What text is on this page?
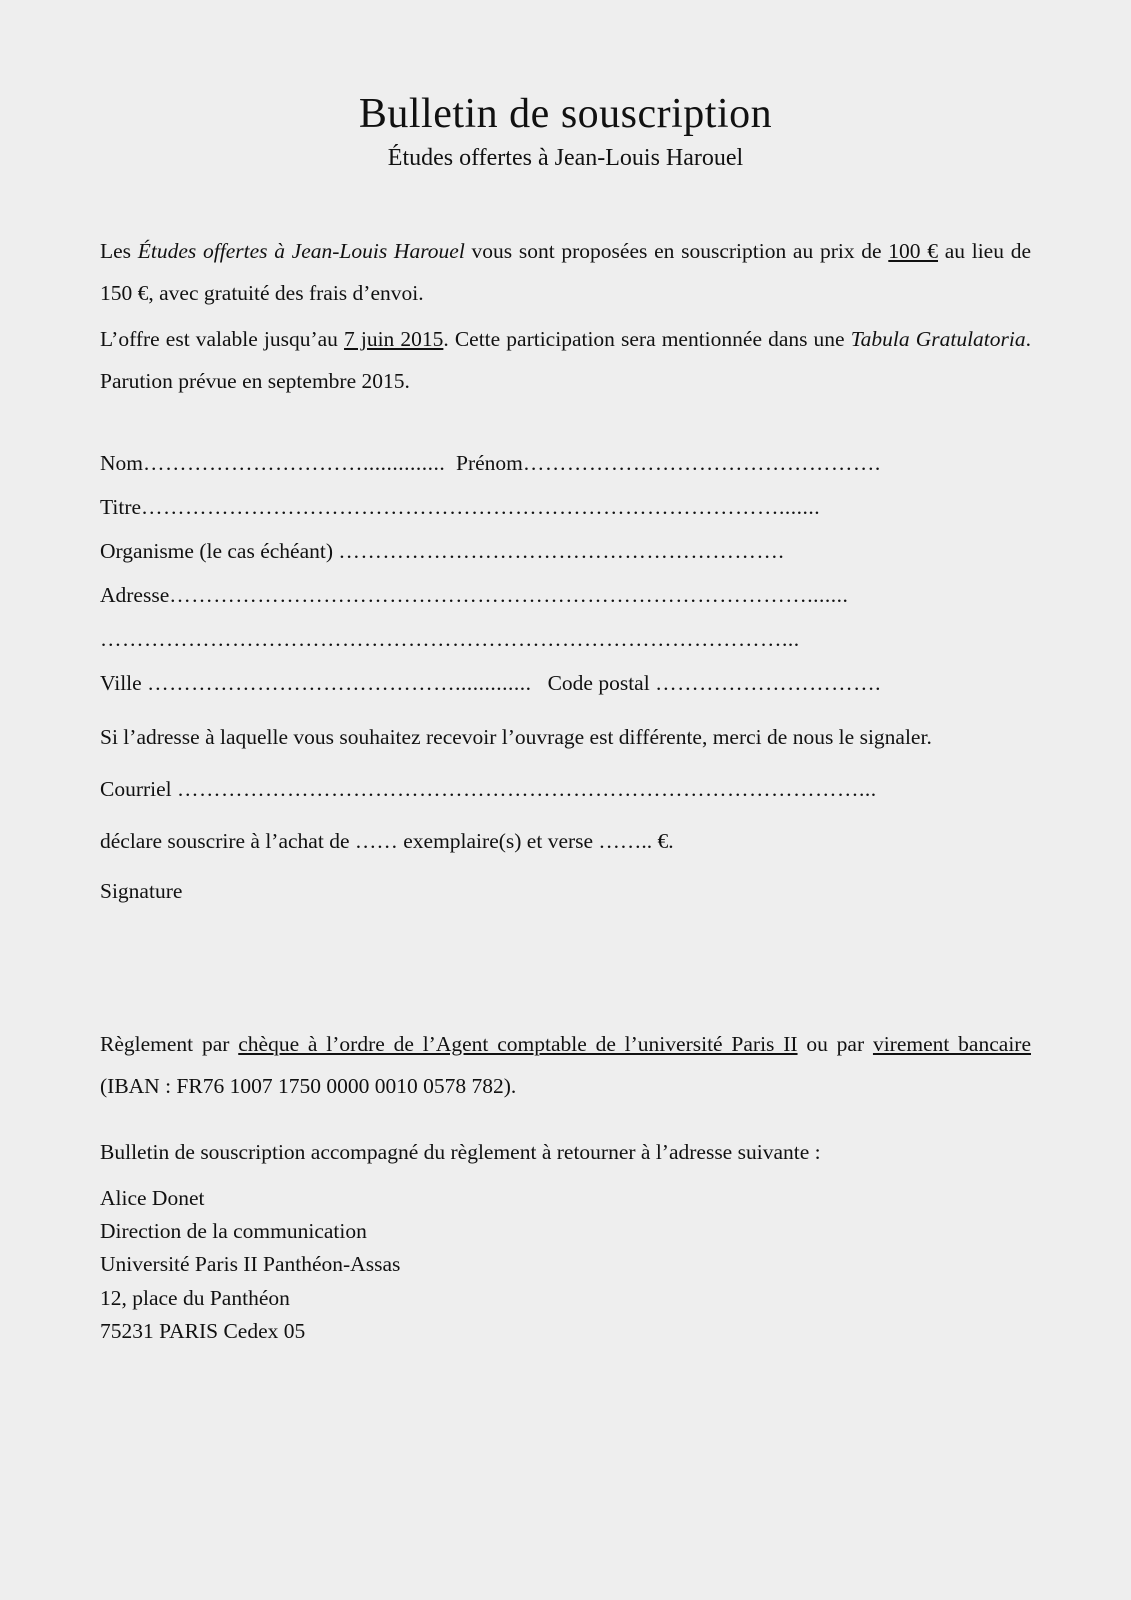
Bulletin de souscription
Études offertes à Jean-Louis Harouel

Les Études offertes à Jean-Louis Harouel vous sont proposées en souscription au prix de 100 € au lieu de 150 €, avec gratuité des frais d’envoi.

L’offre est valable jusqu’au 7 juin 2015. Cette participation sera mentionnée dans une Tabula Gratulatoria. Parution prévue en septembre 2015.

Nom………………………….............. Prénom………………………………………….

Titre…………………………………………………………………………….......

Organisme (le cas échéant) …………………………………………………….

Adresse…………………………………………………………………………….......

…………………………………………………………………………………...

Ville ……………………………………............. Code postal ………………………….

Si l’adresse à laquelle vous souhaitez recevoir l’ouvrage est différente, merci de nous le signaler.

Courriel …………………………………………………………………………………...

déclare souscrire à l’achat de …… exemplaire(s) et verse …….. €.

Signature

Règlement par chèque à l’ordre de l’Agent comptable de l’université Paris II ou par virement bancaire (IBAN : FR76 1007 1750 0000 0010 0578 782).

Bulletin de souscription accompagné du règlement à retourner à l’adresse suivante :

Alice Donet

Direction de la communication

Université Paris II Panthéon-Assas

12, place du Panthéon

75231 PARIS Cedex 05
